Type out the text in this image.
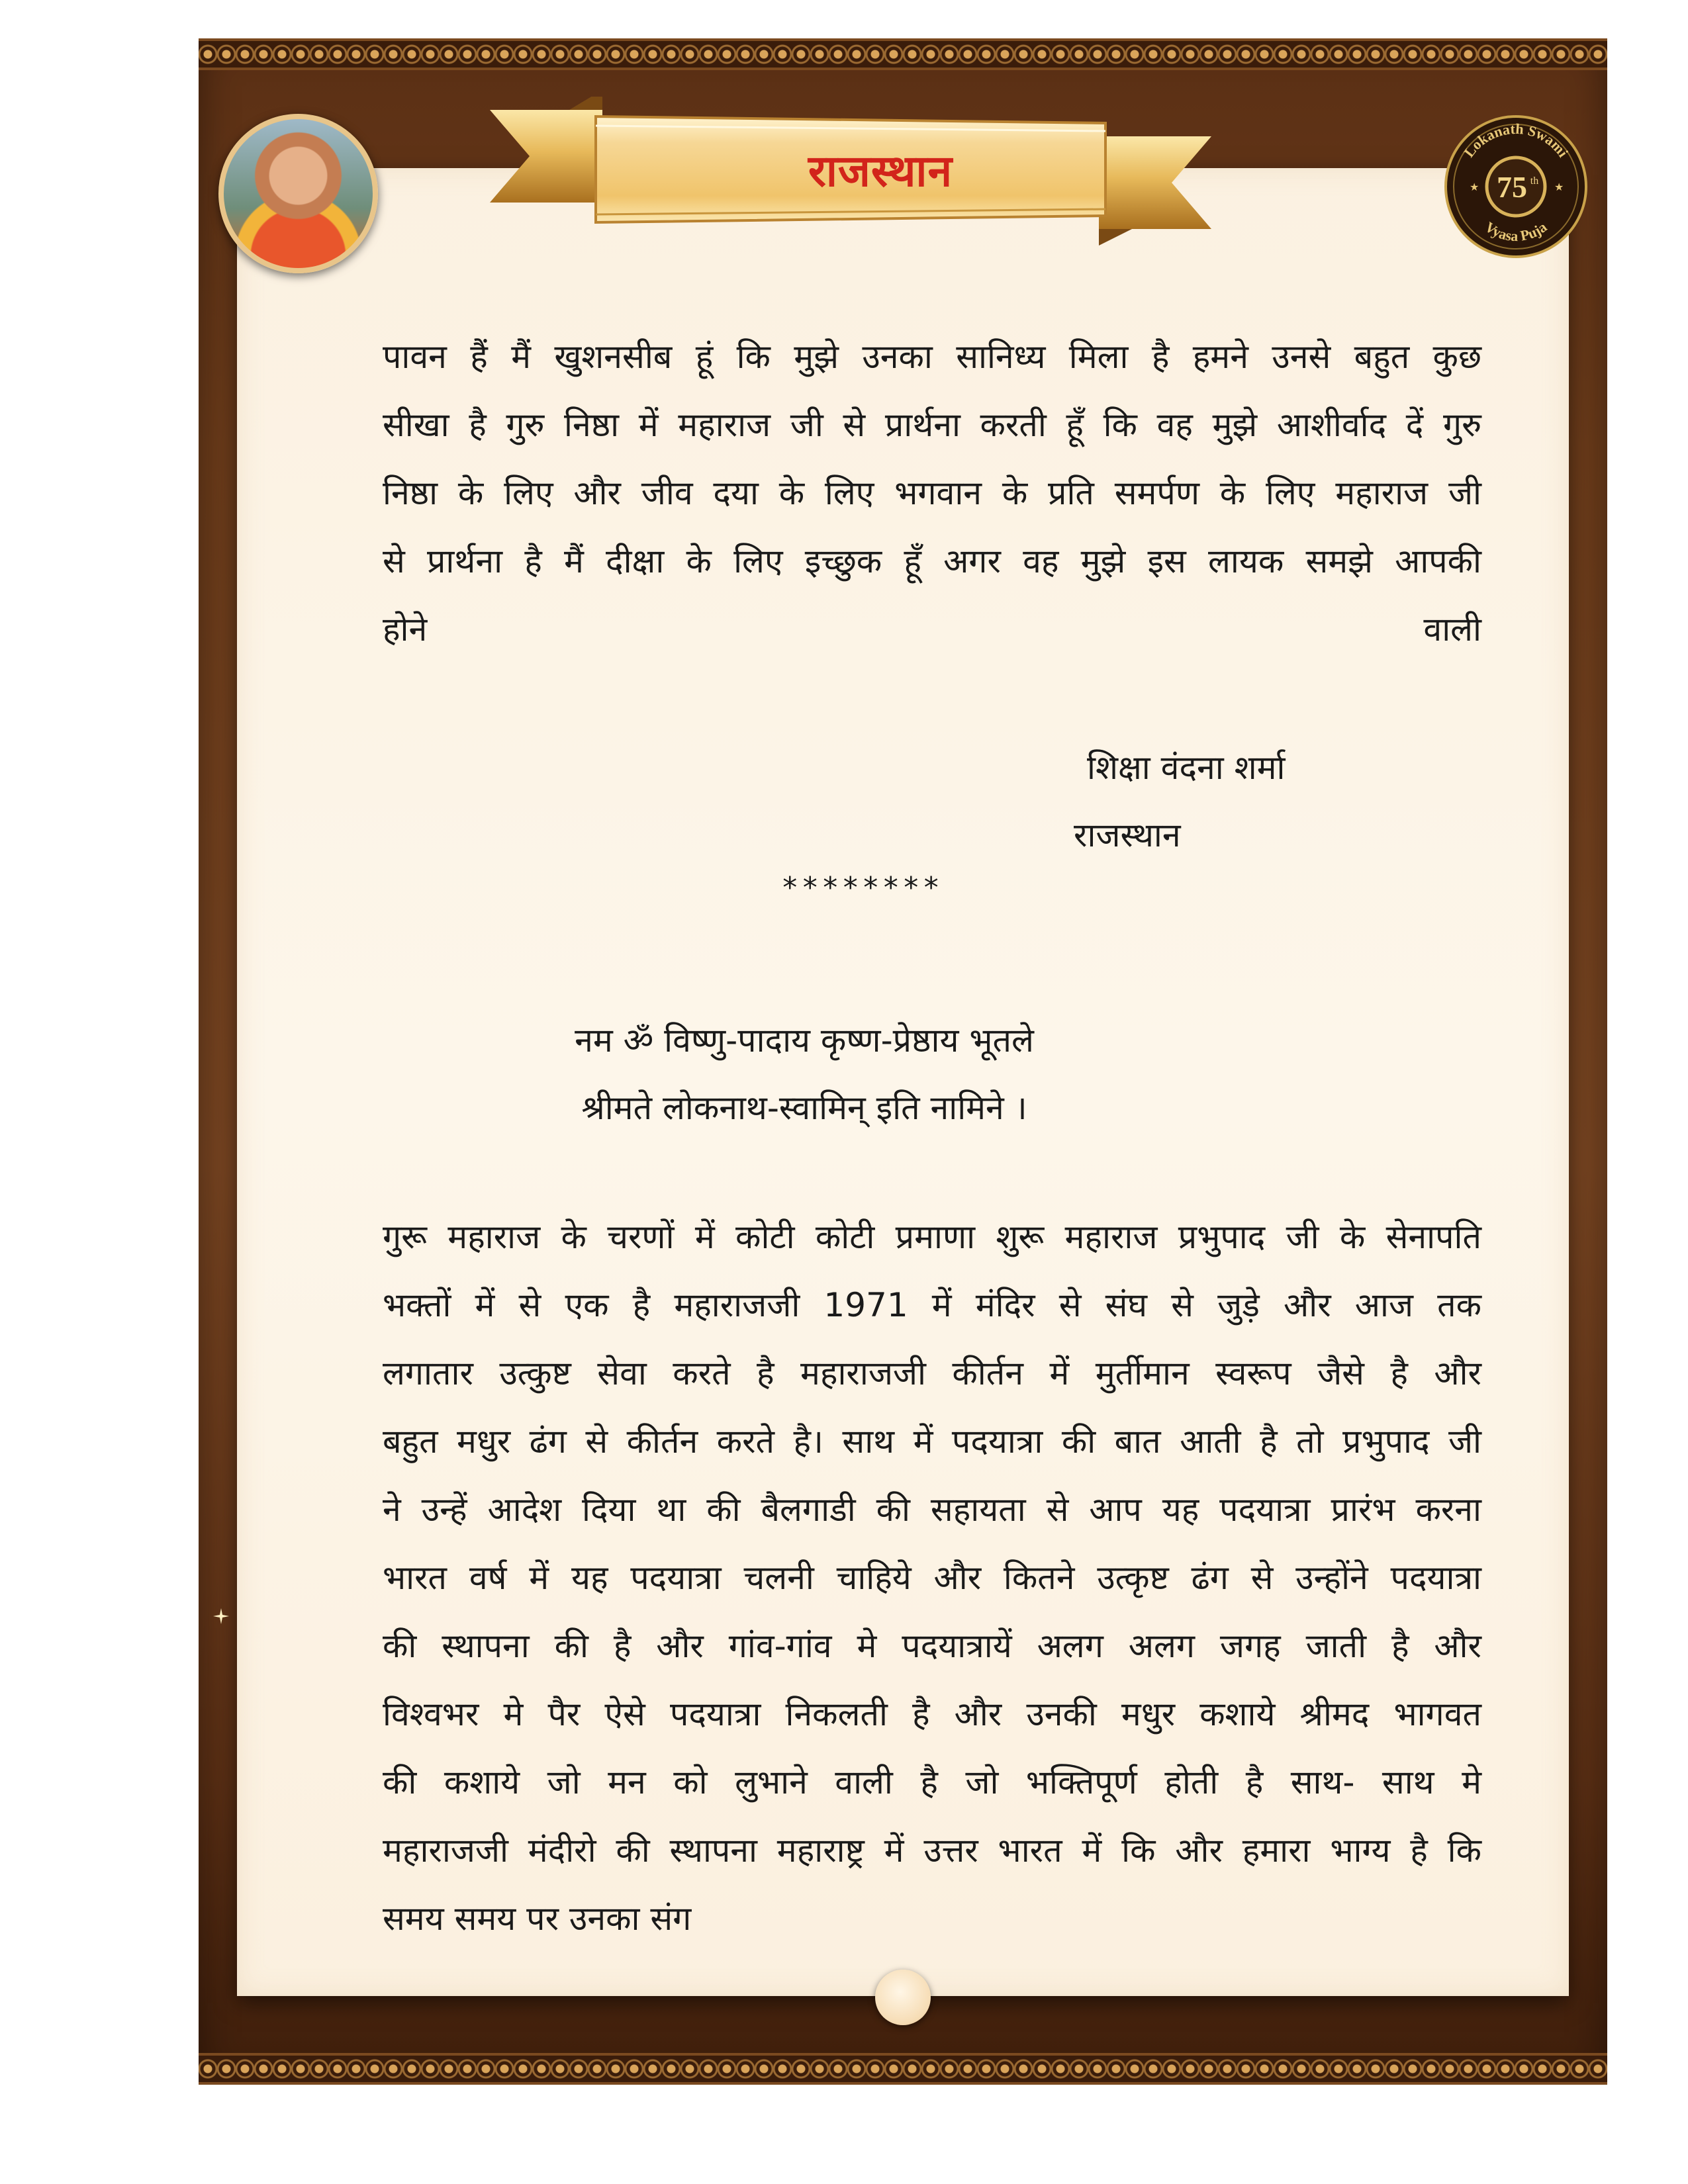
राजस्थान	Lokanath Swami
Vyasa Puja
75 th
★	★

पावन हैं मैं खुशनसीब हूं कि मुझे उनका सानिध्य मिला है हमने उनसे बहुत कुछ

सीखा है गुरु निष्ठा में महाराज जी से प्रार्थना करती हूँ कि वह मुझे आशीर्वाद दें गुरु

निष्ठा के लिए और जीव दया के लिए भगवान के प्रति समर्पण के लिए महाराज जी

से प्रार्थना है मैं दीक्षा के लिए इच्छुक हूँ अगर वह मुझे इस लायक समझे आपकी

होने	वाली
शिक्षा वंदना शर्मा
राजस्थान
********
नम ॐ विष्णु-पादाय कृष्ण-प्रेष्ठाय भूतले
श्रीमते लोकनाथ-स्वामिन् इति नामिने ।

गुरू महाराज के चरणों में कोटी कोटी प्रमाणा शुरू महाराज प्रभुपाद जी के सेनापति

भक्तों में से एक है महाराजजी 1971 में मंदिर से संघ से जुड़े और आज तक

लगातार उत्कुष्ट सेवा करते है महाराजजी कीर्तन में मुर्तीमान स्वरूप जैसे है और

बहुत मधुर ढंग से कीर्तन करते है। साथ में पदयात्रा की बात आती है तो प्रभुपाद जी

ने उन्हें आदेश दिया था की बैलगाडी की सहायता से आप यह पदयात्रा प्रारंभ करना

भारत वर्ष में यह पदयात्रा चलनी चाहिये और कितने उत्कृष्ट ढंग से उन्होंने पदयात्रा

की स्थापना की है और गांव-गांव मे पदयात्रायें अलग अलग जगह जाती है और

विश्वभर मे पैर ऐसे पदयात्रा निकलती है और उनकी मधुर कशाये श्रीमद भागवत

की कशाये जो मन को लुभाने वाली है जो भक्तिपूर्ण होती है साथ- साथ मे

महाराजजी मंदीरो की स्थापना महाराष्ट्र में उत्तर भारत में कि और हमारा भाग्य है कि

समय समय पर उनका संग
